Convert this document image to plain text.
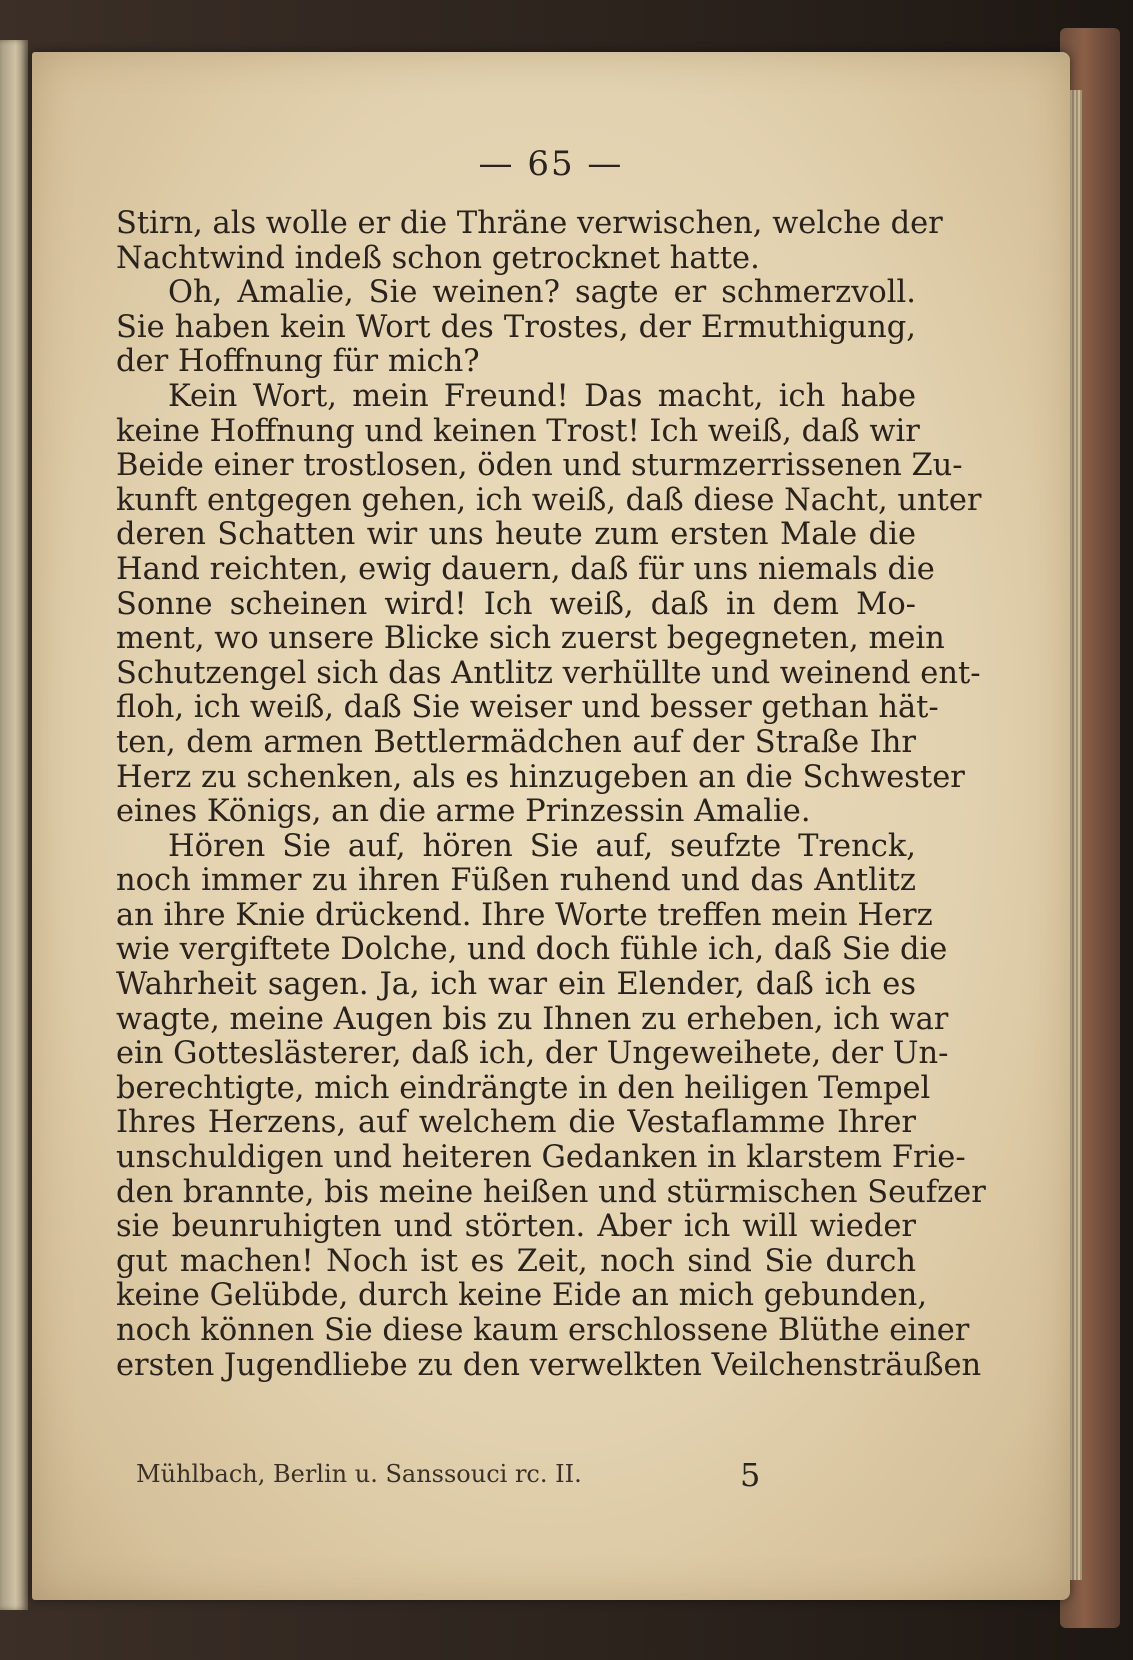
— 65 —
Stirn, als wolle er die Thräne verwischen, welche der
Nachtwind indeß schon getrocknet hatte.
Oh, Amalie, Sie weinen? sagte er schmerzvoll.
Sie haben kein Wort des Trostes, der Ermuthigung,
der Hoffnung für mich?
Kein Wort, mein Freund! Das macht, ich habe
keine Hoffnung und keinen Trost! Ich weiß, daß wir
Beide einer trostlosen, öden und sturmzerrissenen Zu-
kunft entgegen gehen, ich weiß, daß diese Nacht, unter
deren Schatten wir uns heute zum ersten Male die
Hand reichten, ewig dauern, daß für uns niemals die
Sonne scheinen wird! Ich weiß, daß in dem Mo-
ment, wo unsere Blicke sich zuerst begegneten, mein
Schutzengel sich das Antlitz verhüllte und weinend ent-
floh, ich weiß, daß Sie weiser und besser gethan hät-
ten, dem armen Bettlermädchen auf der Straße Ihr
Herz zu schenken, als es hinzugeben an die Schwester
eines Königs, an die arme Prinzessin Amalie.
Hören Sie auf, hören Sie auf, seufzte Trenck,
noch immer zu ihren Füßen ruhend und das Antlitz
an ihre Knie drückend. Ihre Worte treffen mein Herz
wie vergiftete Dolche, und doch fühle ich, daß Sie die
Wahrheit sagen. Ja, ich war ein Elender, daß ich es
wagte, meine Augen bis zu Ihnen zu erheben, ich war
ein Gotteslästerer, daß ich, der Ungeweihete, der Un-
berechtigte, mich eindrängte in den heiligen Tempel
Ihres Herzens, auf welchem die Vestaflamme Ihrer
unschuldigen und heiteren Gedanken in klarstem Frie-
den brannte, bis meine heißen und stürmischen Seufzer
sie beunruhigten und störten. Aber ich will wieder
gut machen! Noch ist es Zeit, noch sind Sie durch
keine Gelübde, durch keine Eide an mich gebunden,
noch können Sie diese kaum erschlossene Blüthe einer
ersten Jugendliebe zu den verwelkten Veilchensträußen
Mühlbach, Berlin u. Sanssouci rc. II.	5
